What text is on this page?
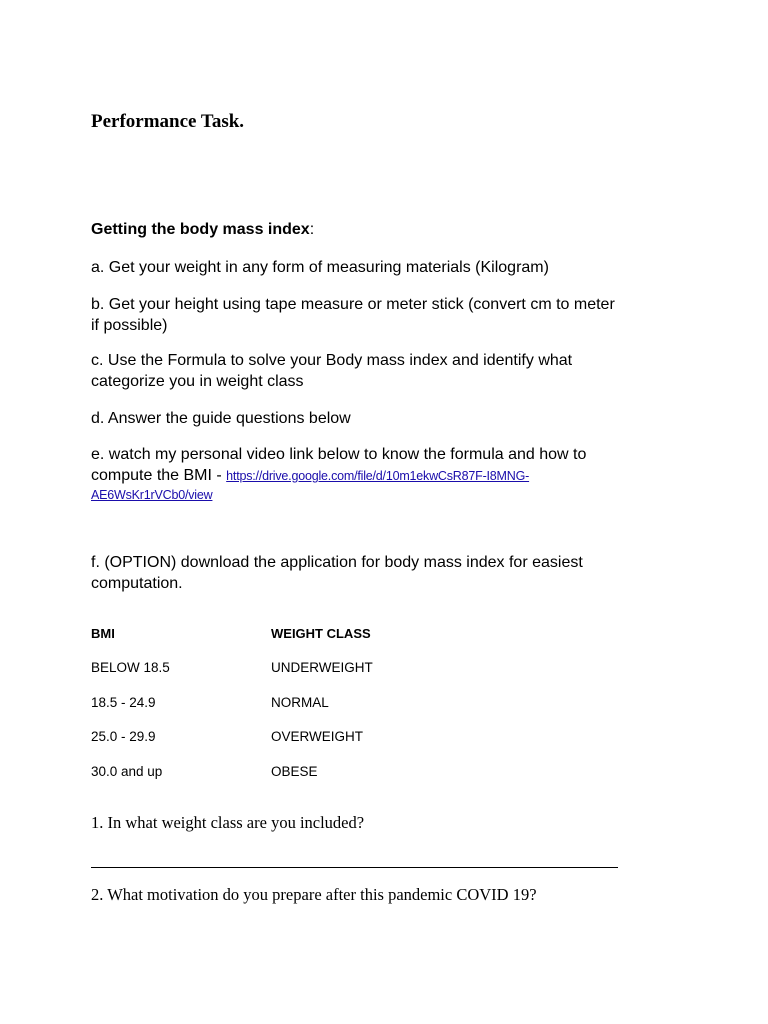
Performance Task.
Getting the body mass index:
a. Get your weight in any form of measuring materials (Kilogram)
b. Get your height using tape measure or meter stick (convert cm to meter
if possible)
c. Use the Formula to solve your Body mass index and identify what
categorize you in weight class
d. Answer the guide questions below
e. watch my personal video link below to know the formula and how to
compute the BMI - https://drive.google.com/file/d/10m1ekwCsR87F-I8MNG-
AE6WsKr1rVCb0/view
f. (OPTION) download the application for body mass index for easiest
computation.
BMI	WEIGHT CLASS
BELOW 18.5	UNDERWEIGHT
18.5 - 24.9	NORMAL
25.0 - 29.9	OVERWEIGHT
30.0 and up	OBESE
1. In what weight class are you included?
2. What motivation do you prepare after this pandemic COVID 19?
